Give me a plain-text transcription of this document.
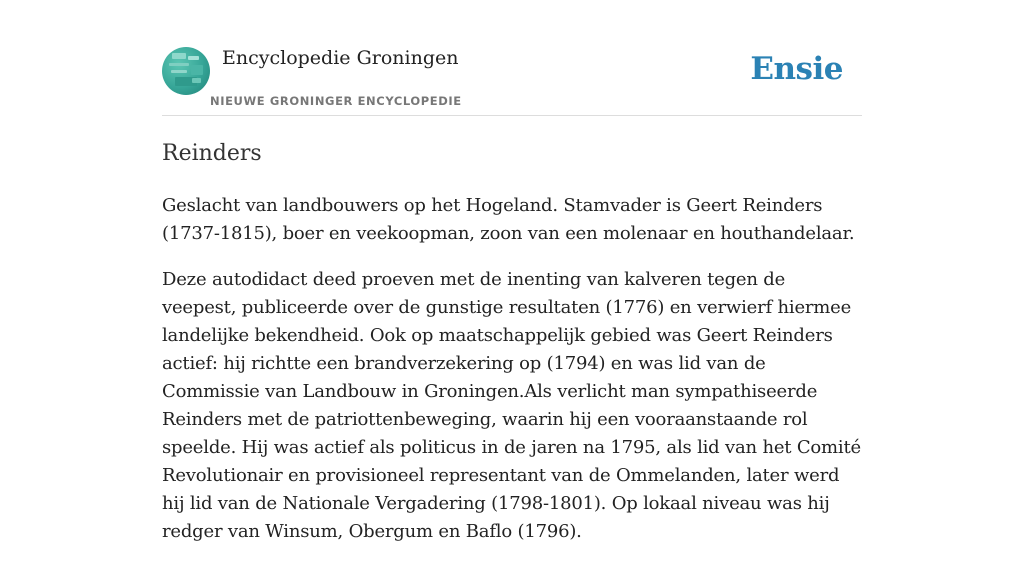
Encyclopedie Groningen
NIEUWE GRONINGER ENCYCLOPEDIE
Ensie
Reinders

Geslacht van landbouwers op het Hogeland. Stamvader is Geert Reinders (1737-1815), boer en veekoopman, zoon van een molenaar en houthandelaar.

Deze autodidact deed proeven met de inenting van kalveren tegen de veepest, publiceerde over de gunstige resultaten (1776) en verwierf hiermee landelijke bekendheid. Ook op maatschappelijk gebied was Geert Reinders actief: hij richtte een brandverzekering op (1794) en was lid van de Commissie van Landbouw in Groningen.Als verlicht man sympathiseerde Reinders met de patriottenbeweging, waarin hij een vooraanstaande rol speelde. Hij was actief als politicus in de jaren na 1795, als lid van het Comité Revolutionair en provisioneel representant van de Ommelanden, later werd hij lid van de Nationale Vergadering (1798-1801). Op lokaal niveau was hij redger van Winsum, Obergum en Baflo (1796).
